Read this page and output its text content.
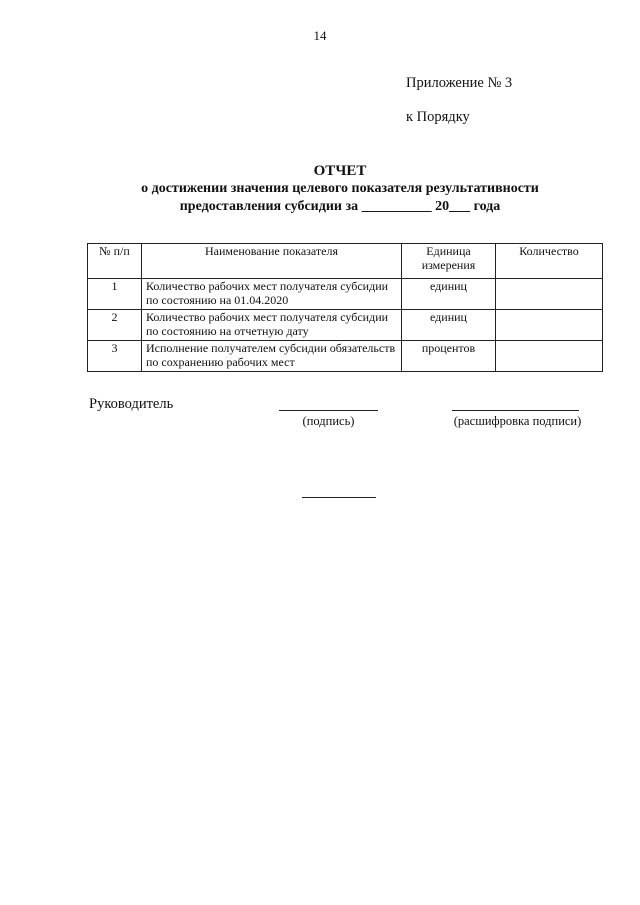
14
Приложение № 3
к Порядку
ОТЧЕТ
о достижении значения целевого показателя результативности
предоставления субсидии за __________ 20___ года
№ п/п	Наименование показателя	Единица измерения	Количество
1	Количество рабочих мест получателя субсидии по состоянию на 01.04.2020	единиц	
2	Количество рабочих мест получателя субсидии по состоянию на отчетную дату	единиц	
3	Исполнение получателем субсидии обязательств по сохранению рабочих мест	процентов	
Руководитель
(подпись)	(расшифровка подписи)
